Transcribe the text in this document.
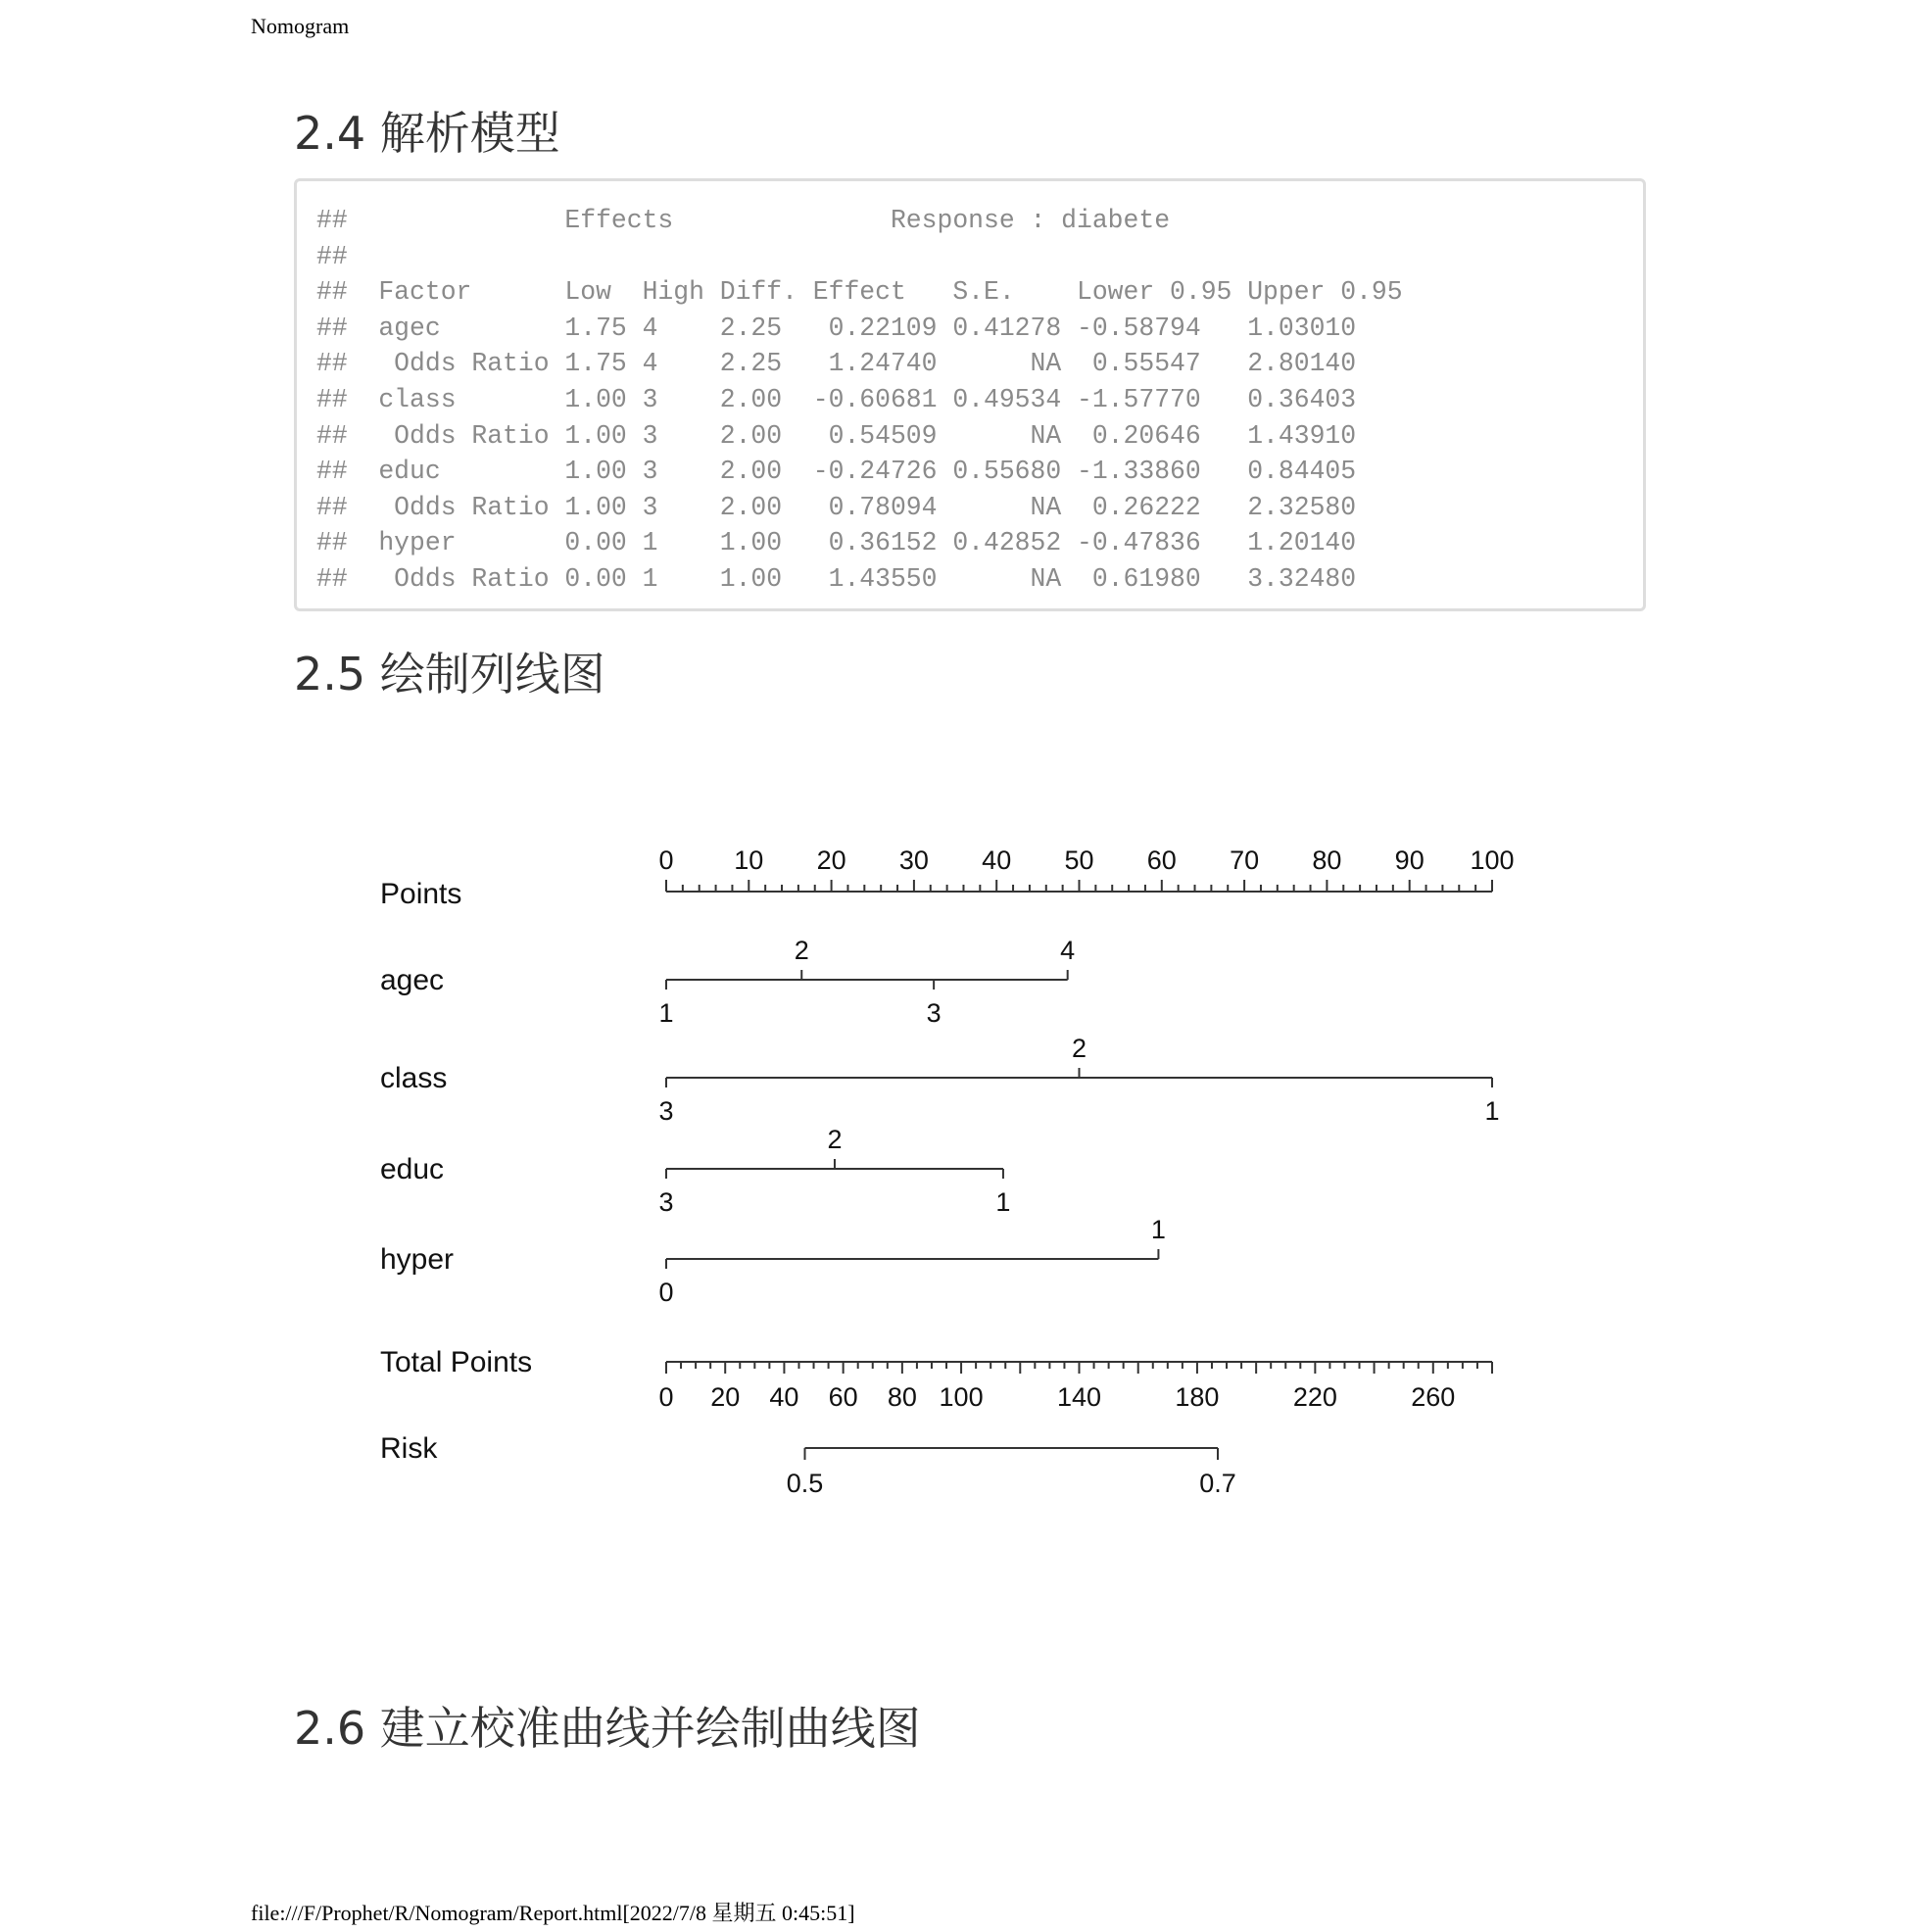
Nomogram
2.4 解析模型
##              Effects              Response : diabete
##
##  Factor      Low  High Diff. Effect   S.E.    Lower 0.95 Upper 0.95
##  agec        1.75 4    2.25   0.22109 0.41278 -0.58794   1.03010
##   Odds Ratio 1.75 4    2.25   1.24740      NA  0.55547   2.80140
##  class       1.00 3    2.00  -0.60681 0.49534 -1.57770   0.36403
##   Odds Ratio 1.00 3    2.00   0.54509      NA  0.20646   1.43910
##  educ        1.00 3    2.00  -0.24726 0.55680 -1.33860   0.84405
##   Odds Ratio 1.00 3    2.00   0.78094      NA  0.26222   2.32580
##  hyper       0.00 1    1.00   0.36152 0.42852 -0.47836   1.20140
##   Odds Ratio 0.00 1    1.00   1.43550      NA  0.61980   3.32480
2.5 绘制列线图
Points
0 10 20 30 40 50 60 70 80 90 100
agec
1
2
3
4
class
3
2
1
educ
3
2
1
hyper
0
1
Total Points
0 20 40 60 80 100	140	180	220	260
Risk
0.5	0.7
2.6 建立校准曲线并绘制曲线图
file:///F/Prophet/R/Nomogram/Report.html[2022/7/8 星期五 0:45:51]
